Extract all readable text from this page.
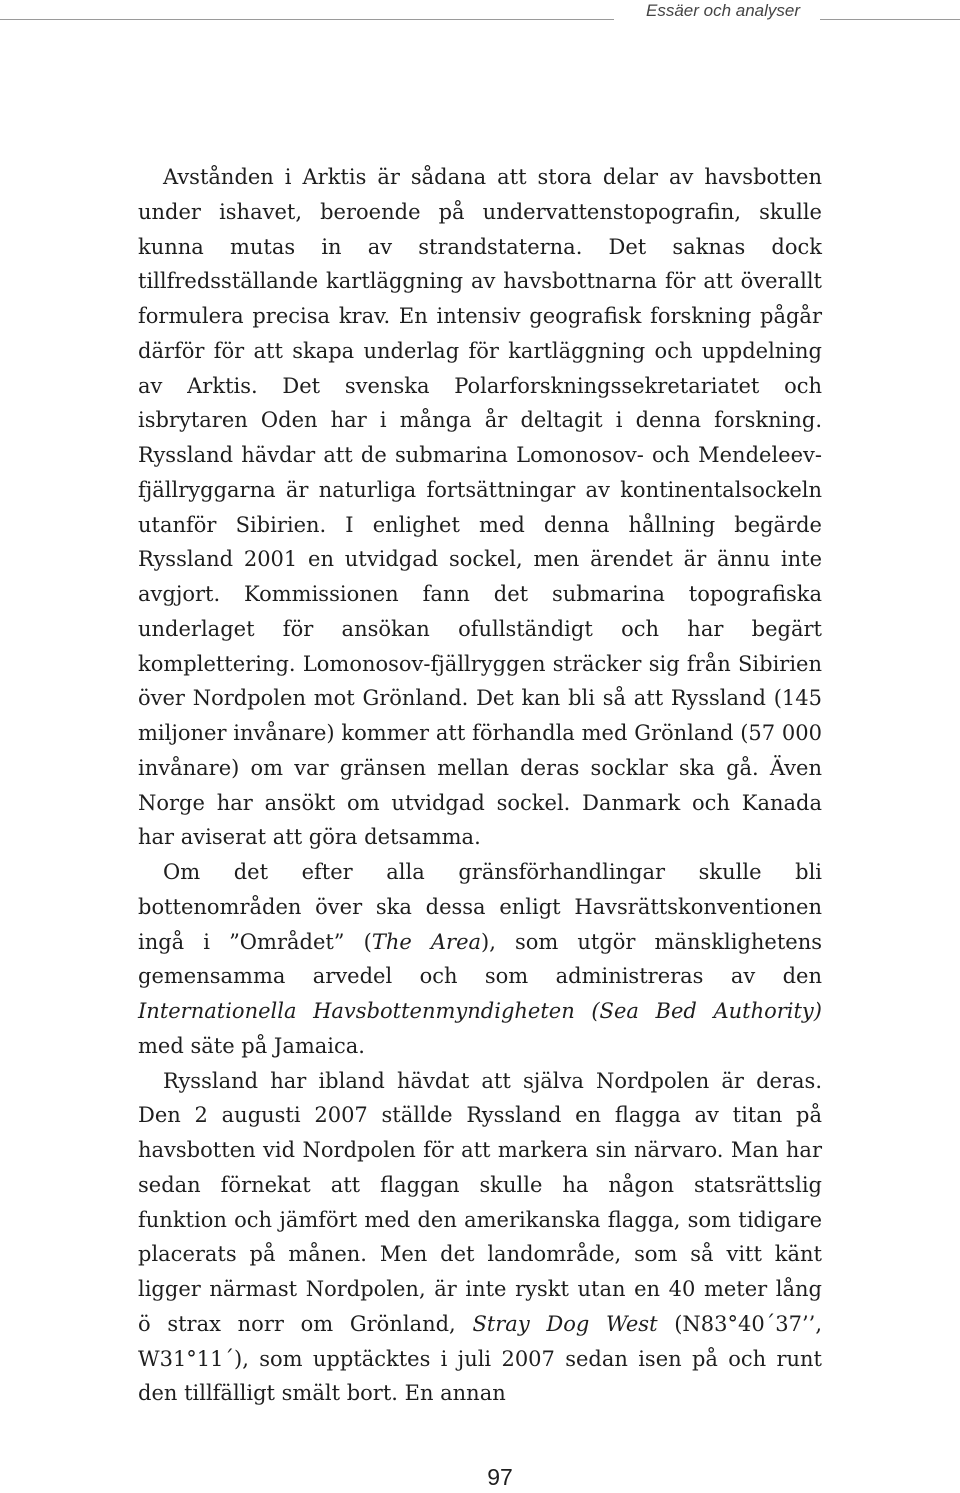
Essäer och analyser

Avstånden i Arktis är sådana att stora delar av havsbotten under ishavet, beroende på undervattenstopografin, skulle kunna mutas in av strandstaterna. Det saknas dock tillfredsställande kartläggning av havsbottnarna för att överallt formulera precisa krav. En intensiv geografisk forskning pågår därför för att skapa underlag för kartläggning och uppdelning av Arktis. Det svenska Polarforskningssekretariatet och isbrytaren Oden har i många år deltagit i denna forskning. Ryssland hävdar att de submarina Lomonosov- och Mendeleev-fjällryggarna är naturliga fortsättningar av kontinentalsockeln utanför Sibirien. I enlighet med denna hållning begärde Ryssland 2001 en utvidgad sockel, men ärendet är ännu inte avgjort. Kommissionen fann det submarina topografiska underlaget för ansökan ofullständigt och har begärt komplettering. Lomonosov-fjällryggen sträcker sig från Sibirien över Nordpolen mot Grönland. Det kan bli så att Ryssland (145 miljoner invånare) kommer att förhandla med Grönland (57 000 invånare) om var gränsen mellan deras socklar ska gå. Även Norge har ansökt om utvidgad sockel. Danmark och Kanada har aviserat att göra detsamma.

Om det efter alla gränsförhandlingar skulle bli bottenområden över ska dessa enligt Havsrättskonventionen ingå i ”Området” (The Area), som utgör mänsklighetens gemensamma arvedel och som administreras av den Internationella Havsbottenmyndigheten (Sea Bed Authority) med säte på Jamaica.

Ryssland har ibland hävdat att själva Nordpolen är deras. Den 2 augusti 2007 ställde Ryssland en flagga av titan på havsbotten vid Nordpolen för att markera sin närvaro. Man har sedan förnekat att flaggan skulle ha någon statsrättslig funktion och jämfört med den amerikanska flagga, som tidigare placerats på månen. Men det landområde, som så vitt känt ligger närmast Nordpolen, är inte ryskt utan en 40 meter lång ö strax norr om Grönland, Stray Dog West (N83°40´37’’, W31°11´), som upptäcktes i juli 2007 sedan isen på och runt den tillfälligt smält bort. En annan

97
